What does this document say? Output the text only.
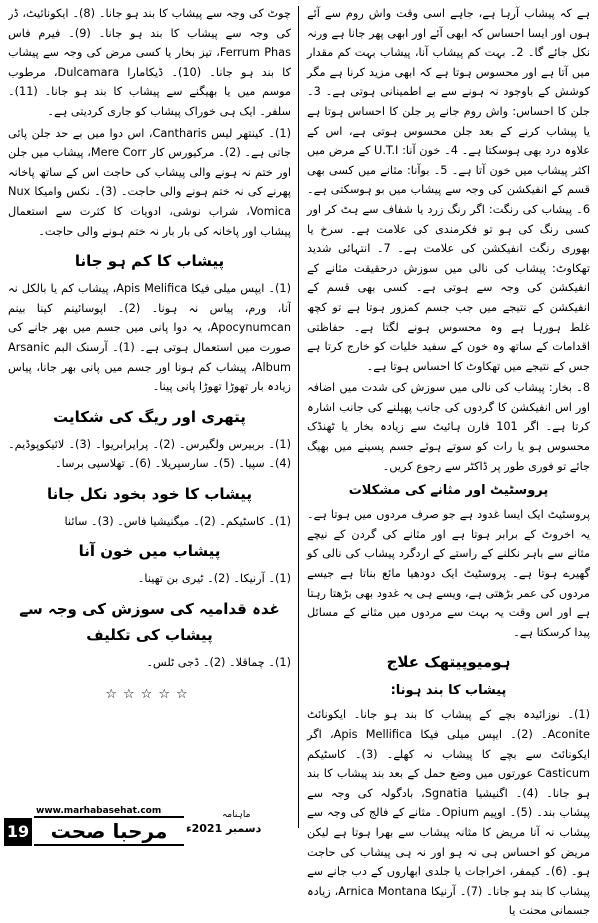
ہے کہ پیشاب آرہا ہے، جاہے اسی وقت واش روم سے آئے ہوں اور ایسا احساس کہ ابھی آئے اور ابھی پھر جانا ہے ورنہ نکل جائے گا۔ 2۔ بہت کم پیشاب آنا، پیشاب بہت کم مقدار میں آتا ہے اور محسوس ہوتا ہے کہ ابھی مزید کرنا ہے مگر کوشش کے باوجود نہ ہونے سے بے اطمینانی ہوتی ہے۔ 3۔ جلن کا احساس: واش روم جانے پر جلن کا احساس ہوتا ہے یا پیشاب کرنے کے بعد جلن محسوس ہوتی ہے، اس کے علاوہ درد بھی ہوسکتا ہے۔ 4۔ خون آنا: U.T.I کے مرض میں اکثر پیشاب میں خون آتا ہے۔ 5۔ بوآنا: مثانے میں کسی بھی قسم کے انفیکشن کی وجہ سے پیشاب میں بو ہوسکتی ہے۔ 6۔ پیشاب کی رنگت: اگر رنگ زرد یا شفاف سے ہٹ کر اور کسی رنگ کی ہو تو فکرمندی کی علامت ہے۔ سرخ یا بھوری رنگت انفیکشن کی علامت ہے۔ 7۔ انتہائی شدید تھکاوٹ: پیشاب کی نالی میں سوزش درحقیقت مثانے کے انفیکشن کی وجہ سے ہوتی ہے۔ کسی بھی قسم کے انفیکشن کے نتیجے میں جب جسم کمزور ہوتا ہے تو کچھ غلط ہورہا ہے وہ محسوس ہونے لگتا ہے۔ حفاظتی اقدامات کے ساتھ وہ خون کے سفید خلیات کو خارج کرتا ہے جس کے نتیجے میں تھکاوٹ کا احساس ہوتا ہے۔

8۔ بخار: پیشاب کی نالی میں سوزش کی شدت میں اضافہ اور اس انفیکشن کا گردوں کی جانب پھیلنے کی جانب اشارہ کرتا ہے۔ اگر 101 فارن ہائیٹ سے زیادہ بخار یا ٹھنڈک محسوس ہو یا رات کو سوتے ہوئے جسم پسینے میں بھیگ جائے تو فوری طور پر ڈاکٹر سے رجوع کریں۔

پروسٹیٹ اور مثانے کی مشکلات

پروسٹیٹ ایک ایسا غدود ہے جو صرف مردوں میں ہوتا ہے۔ یہ اخروٹ کے برابر ہوتا ہے اور مثانے کی گردن کے نیچے مثانے سے باہر نکلنے کے راستے کے اردگرد پیشاب کی نالی کو گھیرے ہوتا ہے۔ پروسٹیٹ ایک دودھیا مائع بناتا ہے جیسے مردوں کی عمر بڑھتی ہے، ویسے ہی یہ غدود بھی بڑھتا رہتا ہے اور اس وقت یہ بہت سے مردوں میں مثانے کے مسائل پیدا کرسکتا ہے۔

ہومیوپیتھک علاج
پیشاب کا بند ہونا:

(1)۔ نوزائیدہ بچے کے پیشاب کا بند ہو جانا۔ ایکونائٹ Aconite۔ (2)۔ ایپس میلی فیکا Apis Mellifica، اگر ایکونائٹ سے بچے کا پیشاب نہ کھلے۔ (3)۔ کاسٹیکم Casticum عورتوں میں وضع حمل کے بعد بند پیشاب کا بند ہو جانا۔ (4)۔ اگنیشیا Sgnatia، بادگولہ کی وجہ سے پیشاب بند۔ (5)۔ اوپیم Opium۔ مثانے کے فالج کی وجہ سے پیشاب نہ آنا مریض کا مثانہ پیشاب سے بھرا ہوتا ہے لیکن مریض کو احساس ہی نہ ہو اور نہ ہی پیشاب کی حاجت ہو۔ (6)۔ کیمفر، اخراجات یا جلدی ابھاروں کے دب جانے سے پیشاب کا بند ہو جانا۔ (7)۔ آرنیکا Arnica Montana، زیادہ جسمانی محنت یا

چوٹ کی وجہ سے پیشاب کا بند ہو جانا۔ (8)۔ ایکونائیٹ، ڈر کی وجہ سے پیشاب کا بند ہو جانا۔ (9)۔ فیرم فاس Ferrum Phas، تیز بخار یا کسی مرض کی وجہ سے پیشاب کا بند ہو جانا۔ (10)۔ ڈیکامارا Dulcamara، مرطوب موسم میں یا بھیگنے سے پیشاب کا بند ہو جانا۔ (11)۔ سلفر۔ ایک ہی خوراک پیشاب کو جاری کردیتی ہے۔

(1)۔ کینتھر لیس Cantharis، اس دوا میں بے حد جلن پائی جاتی ہے۔ (2)۔ مرکیورس کار Mere Corr، پیشاب میں جلن اور ختم نہ ہونے والی پیشاب کی حاجت اس کے ساتھ پاخانہ پھرنے کی نہ ختم ہونے والی حاجت۔ (3)۔ نکس وامیکا Nux Vomica، شراب نوشی، ادویات کا کثرت سے استعمال پیشاب اور پاخانہ کی بار بار نہ ختم ہونے والی حاجت۔

پیشاب کا کم ہو جانا

(1)۔ ایپس میلی فیکا Apis Melifica، پیشاب کم یا بالکل نہ آنا، ورم، پیاس نہ ہونا۔ (2)۔ اپوسائینم کینا بینم Apocynumcan، یہ دوا پانی میں جسم میں بھر جانے کی صورت میں استعمال ہوتی ہے۔ (1)۔ آرسنک البم Arsanic Album، پیشاب کم ہونا اور جسم میں پانی بھر جانا، پیاس زیادہ بار تھوڑا تھوڑا پانی پینا۔

پتھری اور ریگ کی شکایت

(1)۔ بربیرس ولگیرس۔ (2)۔ پرایرابریوا۔ (3)۔ لائیکوپوڈیم۔ (4)۔ سپیا۔ (5)۔ سارسپریلا۔ (6)۔ تھلاسپی برسا۔

پیشاب کا خود بخود نکل جانا

(1)۔ کاسٹیکم۔ (2)۔ میگنیشیا فاس۔ (3)۔ سائنا

پیشاب میں خون آنا

(1)۔ آرنیکا۔ (2)۔ ٹیری بن تھینا۔

غدہ قدامیہ کی سوزش کی وجہ سے پیشاب کی تکلیف

(1)۔ چماقلا۔ (2)۔ ڈجی ٹلس۔

☆☆☆☆☆
www.marhabasehat.com
19	مرحبا صحت	دسمبر 2021ء
ماہنامہ
